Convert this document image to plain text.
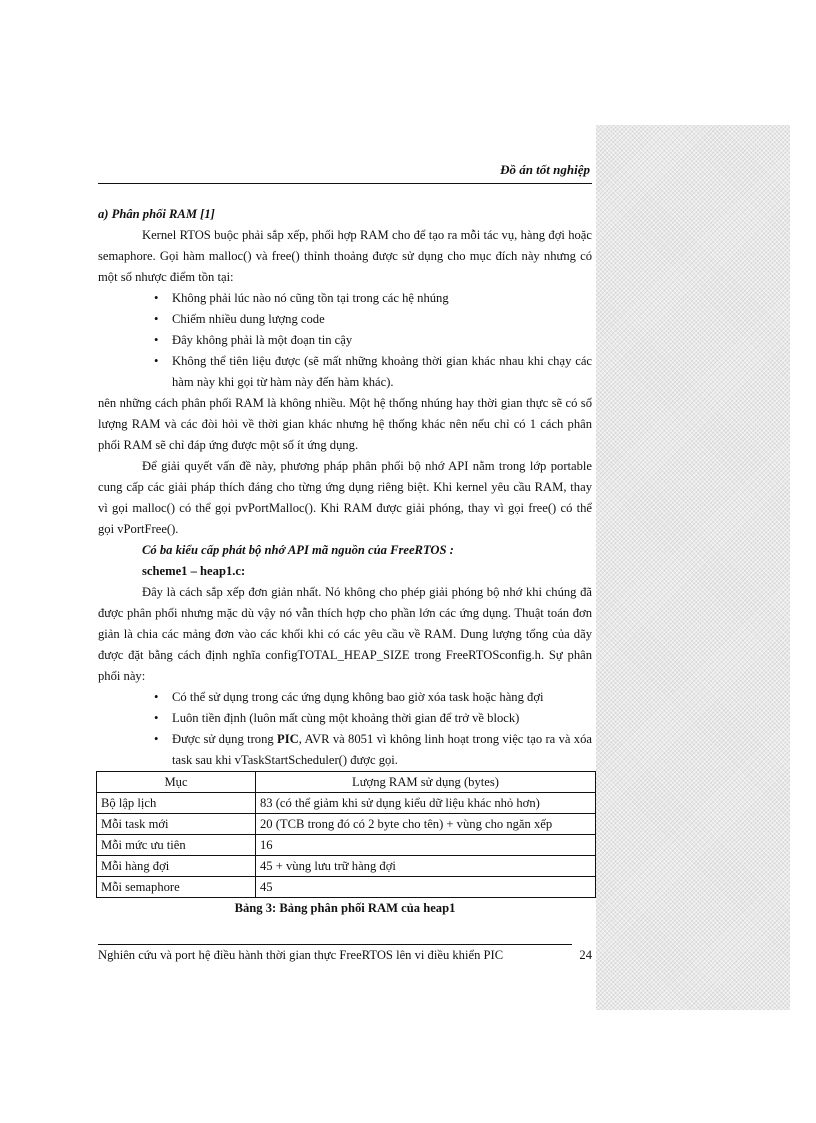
Đồ án tốt nghiệp

a) Phân phối RAM [1]

Kernel RTOS buộc phải sắp xếp, phối hợp RAM cho để tạo ra mỗi tác vụ, hàng đợi hoặc semaphore. Gọi hàm malloc() và free() thỉnh thoảng được sử dụng cho mục đích này nhưng có một số nhược điểm tồn tại:

• Không phải lúc nào nó cũng tồn tại trong các hệ nhúng
• Chiếm nhiều dung lượng code
• Đây không phải là một đoạn tin cậy
• Không thể tiên liệu được (sẽ mất những khoảng thời gian khác nhau khi chạy các hàm này khi gọi từ hàm này đến hàm khác).

nên những cách phân phối RAM là không nhiều. Một hệ thống nhúng hay thời gian thực sẽ có số lượng RAM và các đòi hỏi về thời gian khác nhưng hệ thống khác nên nếu chỉ có 1 cách phân phối RAM sẽ chỉ đáp ứng được một số ít ứng dụng.

Để giải quyết vấn đề này, phương pháp phân phối bộ nhớ API nằm trong lớp portable cung cấp các giải pháp thích đáng cho từng ứng dụng riêng biệt. Khi kernel yêu cầu RAM, thay vì gọi malloc() có thể gọi pvPortMalloc(). Khi RAM được giải phóng, thay vì gọi free() có thể gọi vPortFree().

Có ba kiểu cấp phát bộ nhớ API mã nguồn của FreeRTOS :

scheme1 – heap1.c:

Đây là cách sắp xếp đơn giản nhất. Nó không cho phép giải phóng bộ nhớ khi chúng đã được phân phối nhưng mặc dù vậy nó vẫn thích hợp cho phần lớn các ứng dụng. Thuật toán đơn giản là chia các mảng đơn vào các khối khi có các yêu cầu về RAM. Dung lượng tổng của dãy được đặt bằng cách định nghĩa configTOTAL_HEAP_SIZE trong FreeRTOSconfig.h. Sự phân phối này:

• Có thể sử dụng trong các ứng dụng không bao giờ xóa task hoặc hàng đợi
• Luôn tiền định (luôn mất cùng một khoảng thời gian để trở về block)
• Được sử dụng trong PIC, AVR và 8051 vì không linh hoạt trong việc tạo ra và xóa task sau khi vTaskStartScheduler() được gọi.
Mục	Lượng RAM sử dụng (bytes)
Bộ lập lịch	83 (có thể giảm khi sử dụng kiểu dữ liệu khác nhỏ hơn)
Mỗi task mới	20 (TCB trong đó có 2 byte cho tên) + vùng cho ngăn xếp
Mỗi mức ưu tiên	16
Mỗi hàng đợi	45 + vùng lưu trữ hàng đợi
Mỗi semaphore	45

Bảng 3: Bảng phân phối RAM của heap1

Nghiên cứu và port hệ điều hành thời gian thực FreeRTOS lên vi điều khiển PIC	24
